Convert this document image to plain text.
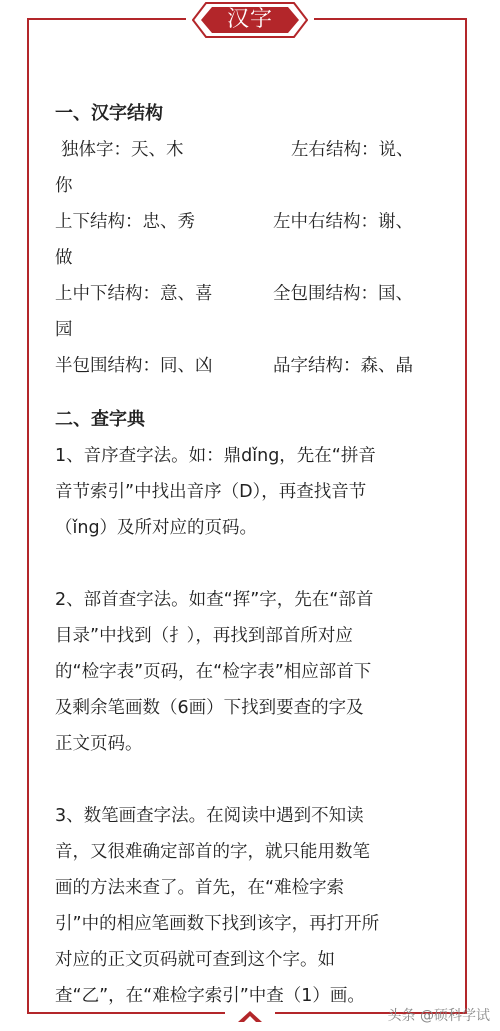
汉字
一、汉字结构
独体字：天、木	左右结构：说、
你
上下结构：忠、秀	左中右结构：谢、
做
上中下结构：意、喜	全包围结构：国、
园
半包围结构：同、凶	品字结构：森、晶
二、查字典
1、音序查字法。如：鼎dǐng，先在“拼音
音节索引”中找出音序（D），再查找音节
（ǐng）及所对应的页码。
2、部首查字法。如查“挥”字，先在“部首
目录”中找到（扌），再找到部首所对应
的“检字表”页码，在“检字表”相应部首下
及剩余笔画数（6画）下找到要查的字及
正文页码。
3、数笔画查字法。在阅读中遇到不知读
音，又很难确定部首的字，就只能用数笔
画的方法来查了。首先，在“难检字索
引”中的相应笔画数下找到该字，再打开所
对应的正文页码就可查到这个字。如
查“乙”，在“难检字索引”中查（1）画。
头条 @硕科学试
